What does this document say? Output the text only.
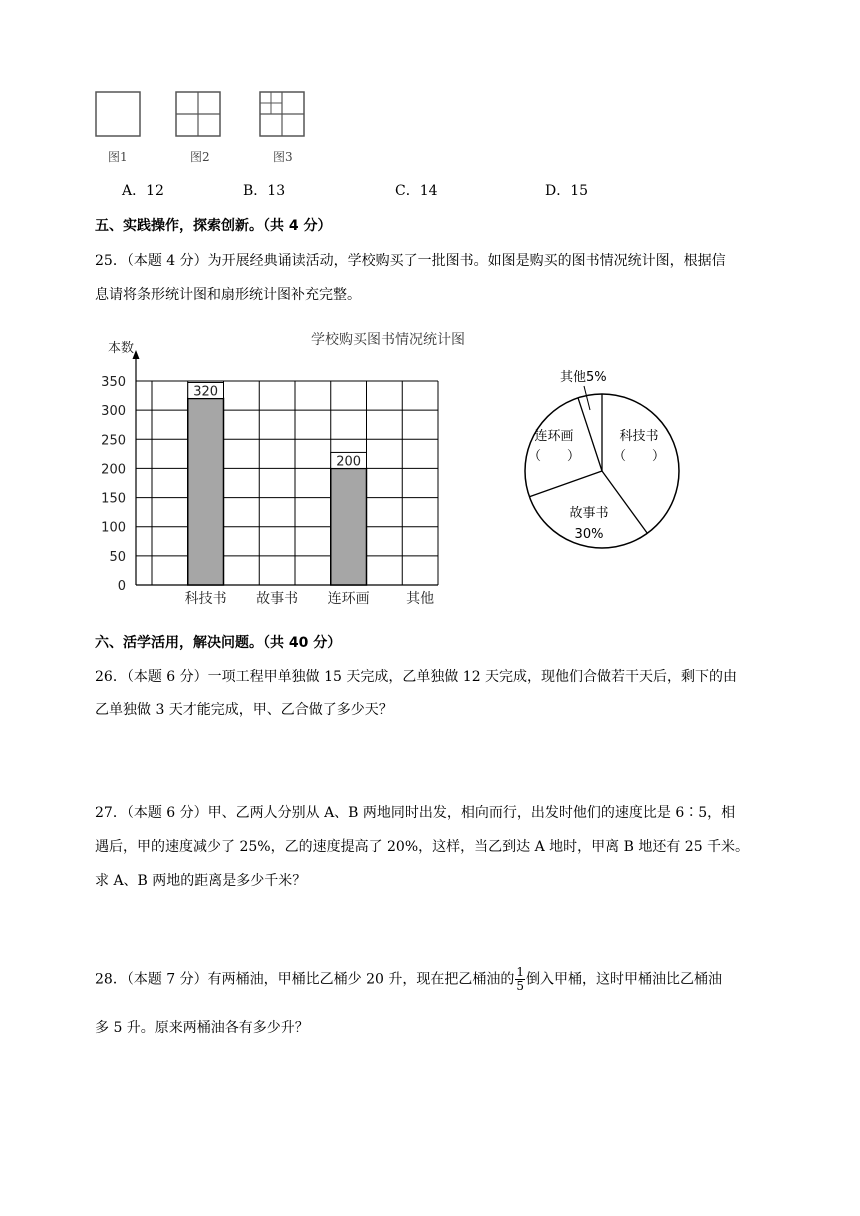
图1	图2	图3
A．12	B．13	C．14	D．15
五、实践操作，探索创新。（共 4 分）
25．（本题 4 分）为开展经典诵读活动，学校购买了一批图书。如图是购买的图书情况统计图，根据信
息请将条形统计图和扇形统计图补充完整。
学校购买图书情况统计图
本数
0
50
100
150
200
250
300
350
科技书 故事书 连环画	其他
320
200
其他5%
科技书
（　　）
连环画
（　　）
故事书
30%
六、活学活用，解决问题。（共 40 分）
26．（本题 6 分）一项工程甲单独做 15 天完成，乙单独做 12 天完成，现他们合做若干天后，剩下的由
乙单独做 3 天才能完成，甲、乙合做了多少天？
27．（本题 6 分）甲、乙两人分别从 A、B 两地同时出发，相向而行，出发时他们的速度比是 6∶5，相
遇后，甲的速度减少了 25%，乙的速度提高了 20%，这样，当乙到达 A 地时，甲离 B 地还有 25 千米。
求 A、B 两地的距离是多少千米？
28．（本题 7 分）有两桶油，甲桶比乙桶少 20 升，现在把乙桶油的 $\frac{1}{5}$ 倒入甲桶，这时甲桶油比乙桶油
多 5 升。原来两桶油各有多少升？
